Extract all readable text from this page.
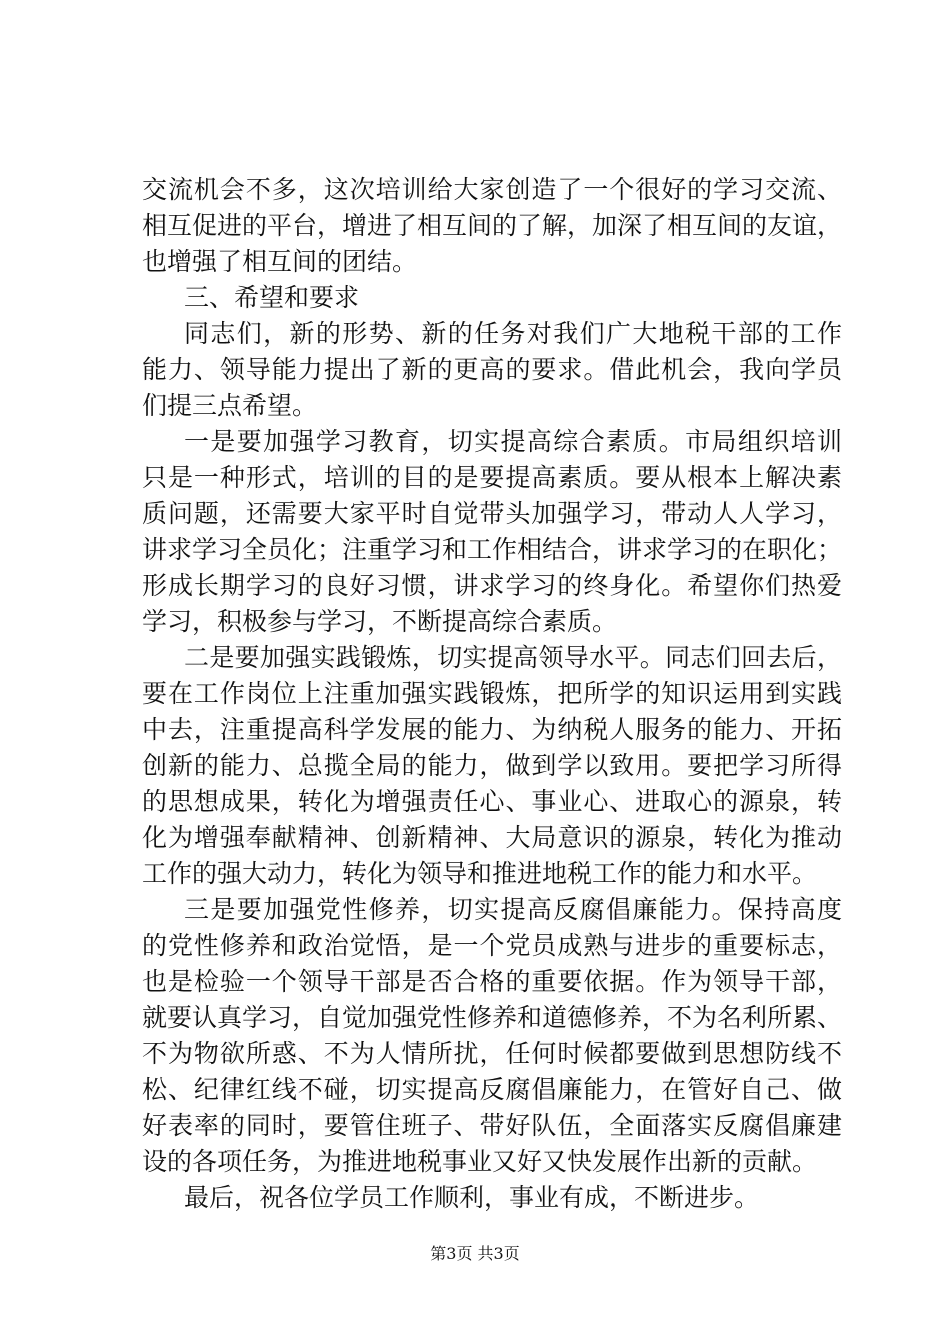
交流机会不多，这次培训给大家创造了一个很好的学习交流、
相互促进的平台，增进了相互间的了解，加深了相互间的友谊，
也增强了相互间的团结。
三、希望和要求
同志们，新的形势、新的任务对我们广大地税干部的工作
能力、领导能力提出了新的更高的要求。借此机会，我向学员
们提三点希望。
一是要加强学习教育，切实提高综合素质。市局组织培训
只是一种形式，培训的目的是要提高素质。要从根本上解决素
质问题，还需要大家平时自觉带头加强学习，带动人人学习，
讲求学习全员化；注重学习和工作相结合，讲求学习的在职化；
形成长期学习的良好习惯，讲求学习的终身化。希望你们热爱
学习，积极参与学习，不断提高综合素质。
二是要加强实践锻炼，切实提高领导水平。同志们回去后，
要在工作岗位上注重加强实践锻炼，把所学的知识运用到实践
中去，注重提高科学发展的能力、为纳税人服务的能力、开拓
创新的能力、总揽全局的能力，做到学以致用。要把学习所得
的思想成果，转化为增强责任心、事业心、进取心的源泉，转
化为增强奉献精神、创新精神、大局意识的源泉，转化为推动
工作的强大动力，转化为领导和推进地税工作的能力和水平。
三是要加强党性修养，切实提高反腐倡廉能力。保持高度
的党性修养和政治觉悟，是一个党员成熟与进步的重要标志，
也是检验一个领导干部是否合格的重要依据。作为领导干部，
就要认真学习，自觉加强党性修养和道德修养，不为名利所累、
不为物欲所惑、不为人情所扰，任何时候都要做到思想防线不
松、纪律红线不碰，切实提高反腐倡廉能力，在管好自己、做
好表率的同时，要管住班子、带好队伍，全面落实反腐倡廉建
设的各项任务，为推进地税事业又好又快发展作出新的贡献。
最后，祝各位学员工作顺利，事业有成，不断进步。
第3页 共3页
